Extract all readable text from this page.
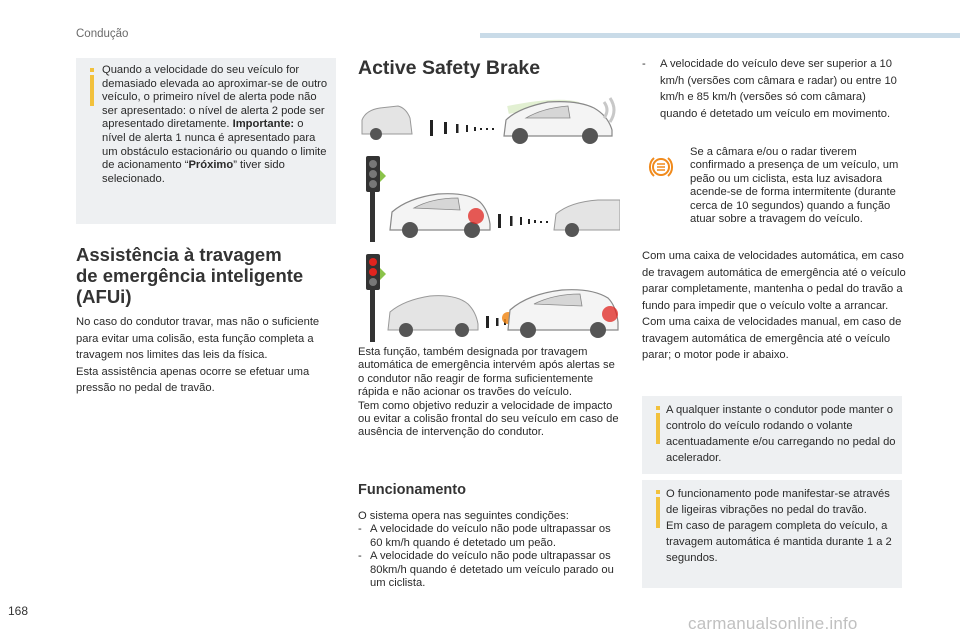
Condução
Quando a velocidade do seu veículo for demasiado elevada ao aproximar-se de outro veículo, o primeiro nível de alerta pode não ser apresentado: o nível de alerta 2 pode ser apresentado diretamente. Importante: o nível de alerta 1 nunca é apresentado para um obstáculo estacionário ou quando o limite de acionamento “Próximo” tiver sido selecionado.
Assistência à travagem
de emergência inteligente
(AFUi)

No caso do condutor travar, mas não o suficiente para evitar uma colisão, esta função completa a travagem nos limites das leis da física.

Esta assistência apenas ocorre se efetuar uma pressão no pedal de travão.

Active Safety Brake

Esta função, também designada por travagem automática de emergência intervém após alertas se o condutor não reagir de forma suficientemente rápida e não acionar os travões do veículo.

Tem como objetivo reduzir a velocidade de impacto ou evitar a colisão frontal do seu veículo em caso de ausência de intervenção do condutor.

Funcionamento

O sistema opera nas seguintes condições:

- A velocidade do veículo não pode ultrapassar os 60 km/h quando é detetado um peão.
- A velocidade do veículo não pode ultrapassar os 80km/h quando é detetado um veículo parado ou um ciclista.
-	A velocidade do veículo deve ser superior a 10 km/h (versões com câmara e radar) ou entre 10 km/h e 85 km/h (versões só com câmara) quando é detetado um veículo em movimento.
Se a câmara e/ou o radar tiverem confirmado a presença de um veículo, um peão ou um ciclista, esta luz avisadora acende-se de forma intermitente (durante cerca de 10 segundos) quando a função atuar sobre a travagem do veículo.

Com uma caixa de velocidades automática, em caso de travagem automática de emergência até o veículo parar completamente, mantenha o pedal do travão a fundo para impedir que o veículo volte a arrancar.

Com uma caixa de velocidades manual, em caso de travagem automática de emergência até o veículo parar; o motor pode ir abaixo.

A qualquer instante o condutor pode manter o controlo do veículo rodando o volante acentuadamente e/ou carregando no pedal do acelerador.

O funcionamento pode manifestar-se através de ligeiras vibrações no pedal do travão.

Em caso de paragem completa do veículo, a travagem automática é mantida durante 1 a 2 segundos.

168
carmanualsonline.info
